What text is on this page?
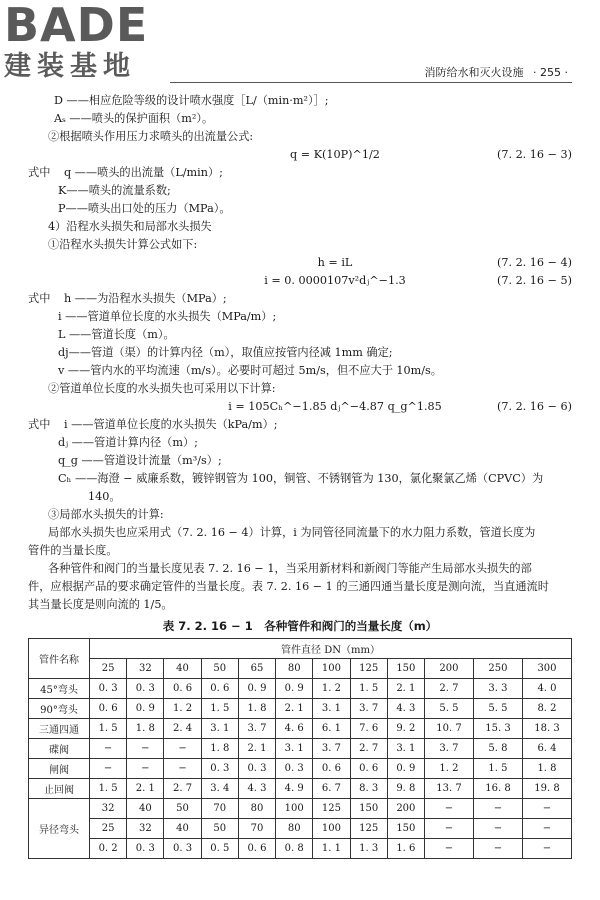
BADE
建装基地	消防给水和灭火设施 · 255 ·
D ——相应危险等级的设计喷水强度［L/（min·m²）］;
Aₛ ——喷头的保护面积（m²）。
②根据喷头作用压力求喷头的出流量公式:
q = K(10P)^1/2	(7. 2. 16 − 3)
式中 q ——喷头的出流量（L/min）;
K——喷头的流量系数;
P——喷头出口处的压力（MPa）。
4）沿程水头损失和局部水头损失
①沿程水头损失计算公式如下:
h = iL	(7. 2. 16 − 4)
i = 0. 0000107v²dⱼ^−1.3	(7. 2. 16 − 5)
式中 h ——为沿程水头损失（MPa）;
i ——管道单位长度的水头损失（MPa/m）;
L ——管道长度（m）。
dj——管道（渠）的计算内径（m），取值应按管内径减 1mm 确定;
v ——管内水的平均流速（m/s）。必要时可超过 5m/s，但不应大于 10m/s。
②管道单位长度的水头损失也可采用以下计算:
i = 105Cₕ^−1.85 dⱼ^−4.87 q_g^1.85	(7. 2. 16 − 6)
式中 i ——管道单位长度的水头损失（kPa/m）;
dⱼ ——管道计算内径（m）;
q_g ——管道设计流量（m³/s）;
Cₕ ——海澄 − 威廉系数，镀锌钢管为 100，铜管、不锈钢管为 130，氯化聚氯乙烯（CPVC）为
140。
③局部水头损失的计算:
局部水头损失也应采用式（7. 2. 16 − 4）计算，i 为同管径同流量下的水力阻力系数，管道长度为
管件的当量长度。
各种管件和阀门的当量长度见表 7. 2. 16 − 1，当采用新材料和新阀门等能产生局部水头损失的部
件，应根据产品的要求确定管件的当量长度。表 7. 2. 16 − 1 的三通四通当量长度是测向流，当直通流时
其当量长度是则向流的 1/5。
表 7. 2. 16 − 1　各种管件和阀门的当量长度（m）
管件名称	管件直径 DN（mm）											
	25	32	40	50	65	80	100	125	150	200	250	300
45°弯头	0. 3	0. 3	0. 6	0. 6	0. 9	0. 9	1. 2	1. 5	2. 1	2. 7	3. 3	4. 0
90°弯头	0. 6	0. 9	1. 2	1. 5	1. 8	2. 1	3. 1	3. 7	4. 3	5. 5	5. 5	8. 2
三通四通	1. 5	1. 8	2. 4	3. 1	3. 7	4. 6	6. 1	7. 6	9. 2	10. 7	15. 3	18. 3
碟阀	−	−	−	1. 8	2. 1	3. 1	3. 7	2. 7	3. 1	3. 7	5. 8	6. 4
闸阀	−	−	−	0. 3	0. 3	0. 3	0. 6	0. 6	0. 9	1. 2	1. 5	1. 8
止回阀	1. 5	2. 1	2. 7	3. 4	4. 3	4. 9	6. 7	8. 3	9. 8	13. 7	16. 8	19. 8
异径弯头	32	40	50	70	80	100	125	150	200	−	−	−
	25	32	40	50	70	80	100	125	150	−	−	−
	0. 2	0. 3	0. 3	0. 5	0. 6	0. 8	1. 1	1. 3	1. 6	−	−	−
